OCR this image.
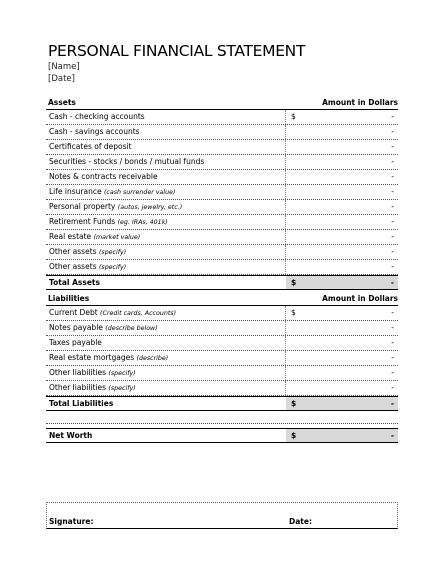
PERSONAL FINANCIAL STATEMENT
[Name]
[Date]
Assets	Amount in Dollars
Cash - checking accounts	$	-
Cash - savings accounts	-
Certificates of deposit	-
Securities - stocks / bonds / mutual funds	-
Notes & contracts receivable	-
Life insurance (cash surrender value)	-
Personal property (autos, jewelry, etc.)	-
Retirement Funds (eg. IRAs, 401k)	-
Real estate (market value)	-
Other assets (specify)	-
Other assets (specify)	-
Total Assets	$	-
Liabilities	Amount in Dollars
Current Debt (Credit cards, Accounts)	$	-
Notes payable (describe below)	-
Taxes payable	-
Real estate mortgages (describe)	-
Other liabilities (specify)	-
Other liabilities (specify)	-
Total Liabilities	$	-
Net Worth	$	-
Signature:	Date:
